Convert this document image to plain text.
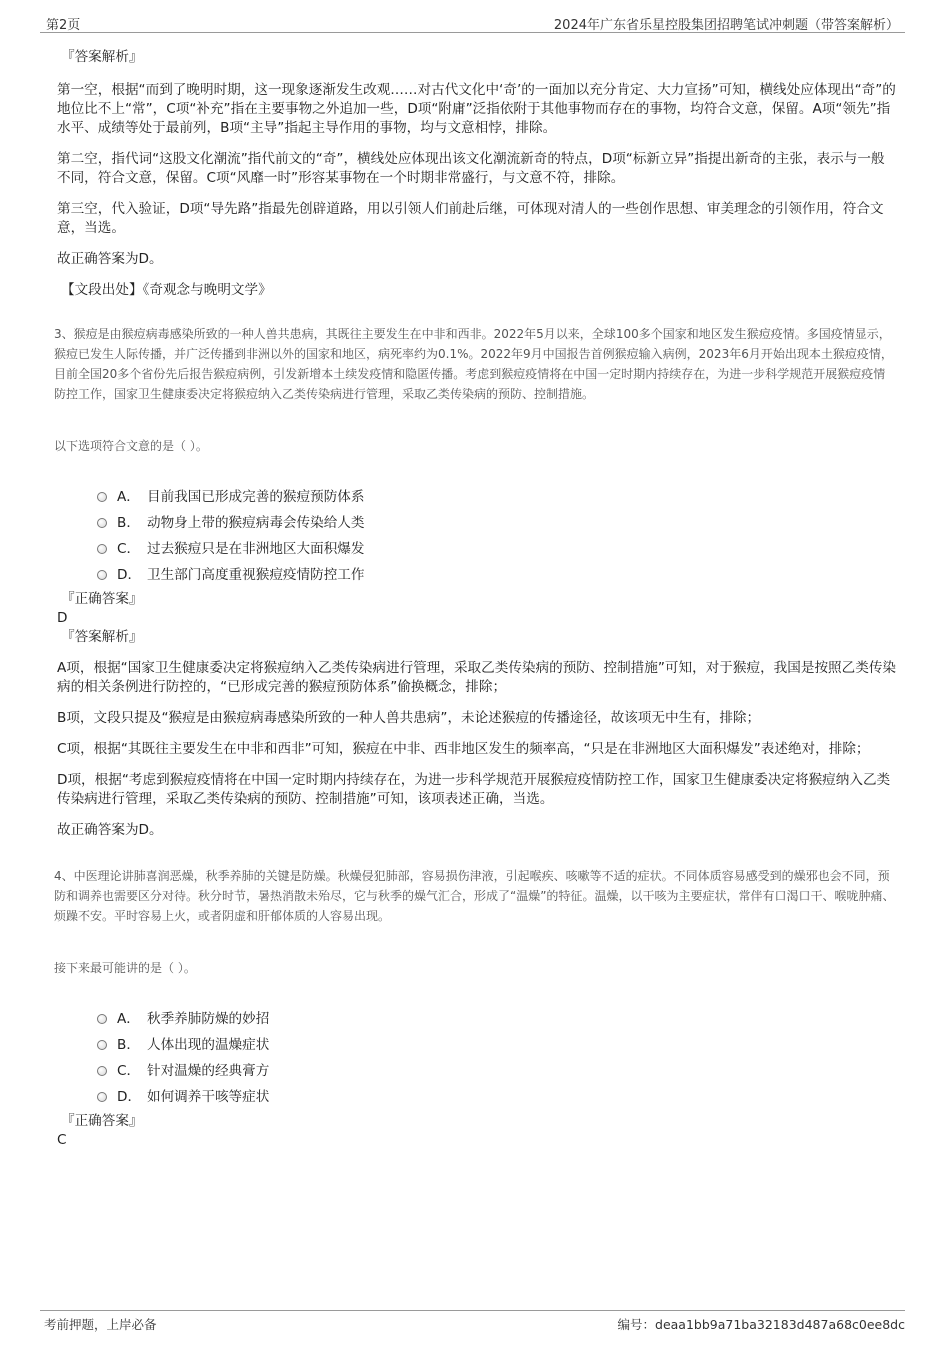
第2页	2024年广东省乐星控股集团招聘笔试冲刺题（带答案解析）
『答案解析』

第一空，根据“而到了晚明时期，这一现象逐渐发生改观……对古代文化中‘奇’的一面加以充分肯定、大力宣扬”可知，横线处应体现出“奇”的地位比不上“常”，C项“补充”指在主要事物之外追加一些，D项“附庸”泛指依附于其他事物而存在的事物，均符合文意，保留。A项“领先”指水平、成绩等处于最前列，B项“主导”指起主导作用的事物，均与文意相悖，排除。

第二空，指代词“这股文化潮流”指代前文的“奇”，横线处应体现出该文化潮流新奇的特点，D项“标新立异”指提出新奇的主张，表示与一般不同，符合文意，保留。C项“风靡一时”形容某事物在一个时期非常盛行，与文意不符，排除。

第三空，代入验证，D项“导先路”指最先创辟道路，用以引领人们前赴后继，可体现对清人的一些创作思想、审美理念的引领作用，符合文意，当选。

故正确答案为D。

【文段出处】《奇观念与晚明文学》

3、猴痘是由猴痘病毒感染所致的一种人兽共患病，其既往主要发生在中非和西非。2022年5月以来，全球100多个国家和地区发生猴痘疫情。多国疫情显示，猴痘已发生人际传播，并广泛传播到非洲以外的国家和地区，病死率约为0.1%。2022年9月中国报告首例猴痘输入病例，2023年6月开始出现本土猴痘疫情，目前全国20多个省份先后报告猴痘病例，引发新增本土续发疫情和隐匿传播。考虑到猴痘疫情将在中国一定时期内持续存在，为进一步科学规范开展猴痘疫情防控工作，国家卫生健康委决定将猴痘纳入乙类传染病进行管理，采取乙类传染病的预防、控制措施。

以下选项符合文意的是（ ）。

A． 目前我国已形成完善的猴痘预防体系
B． 动物身上带的猴痘病毒会传染给人类
C． 过去猴痘只是在非洲地区大面积爆发
D． 卫生部门高度重视猴痘疫情防控工作
『正确答案』
D
『答案解析』

A项，根据“国家卫生健康委决定将猴痘纳入乙类传染病进行管理，采取乙类传染病的预防、控制措施”可知，对于猴痘，我国是按照乙类传染病的相关条例进行防控的，“已形成完善的猴痘预防体系”偷换概念，排除；

B项，文段只提及“猴痘是由猴痘病毒感染所致的一种人兽共患病”，未论述猴痘的传播途径，故该项无中生有，排除；

C项，根据“其既往主要发生在中非和西非”可知，猴痘在中非、西非地区发生的频率高，“只是在非洲地区大面积爆发”表述绝对，排除；

D项，根据“考虑到猴痘疫情将在中国一定时期内持续存在，为进一步科学规范开展猴痘疫情防控工作，国家卫生健康委决定将猴痘纳入乙类传染病进行管理，采取乙类传染病的预防、控制措施”可知，该项表述正确，当选。

故正确答案为D。

4、中医理论讲肺喜润恶燥，秋季养肺的关键是防燥。秋燥侵犯肺部，容易损伤津液，引起喉疾、咳嗽等不适的症状。不同体质容易感受到的燥邪也会不同，预防和调养也需要区分对待。秋分时节，暑热消散未殆尽，它与秋季的燥气汇合，形成了“温燥”的特征。温燥，以干咳为主要症状，常伴有口渴口干、喉咙肿痛、烦躁不安。平时容易上火，或者阴虚和肝郁体质的人容易出现。

接下来最可能讲的是（ ）。

A． 秋季养肺防燥的妙招
B． 人体出现的温燥症状
C． 针对温燥的经典膏方
D． 如何调养干咳等症状
『正确答案』
C
考前押题，上岸必备	编号：deaa1bb9a71ba32183d487a68c0ee8dc
